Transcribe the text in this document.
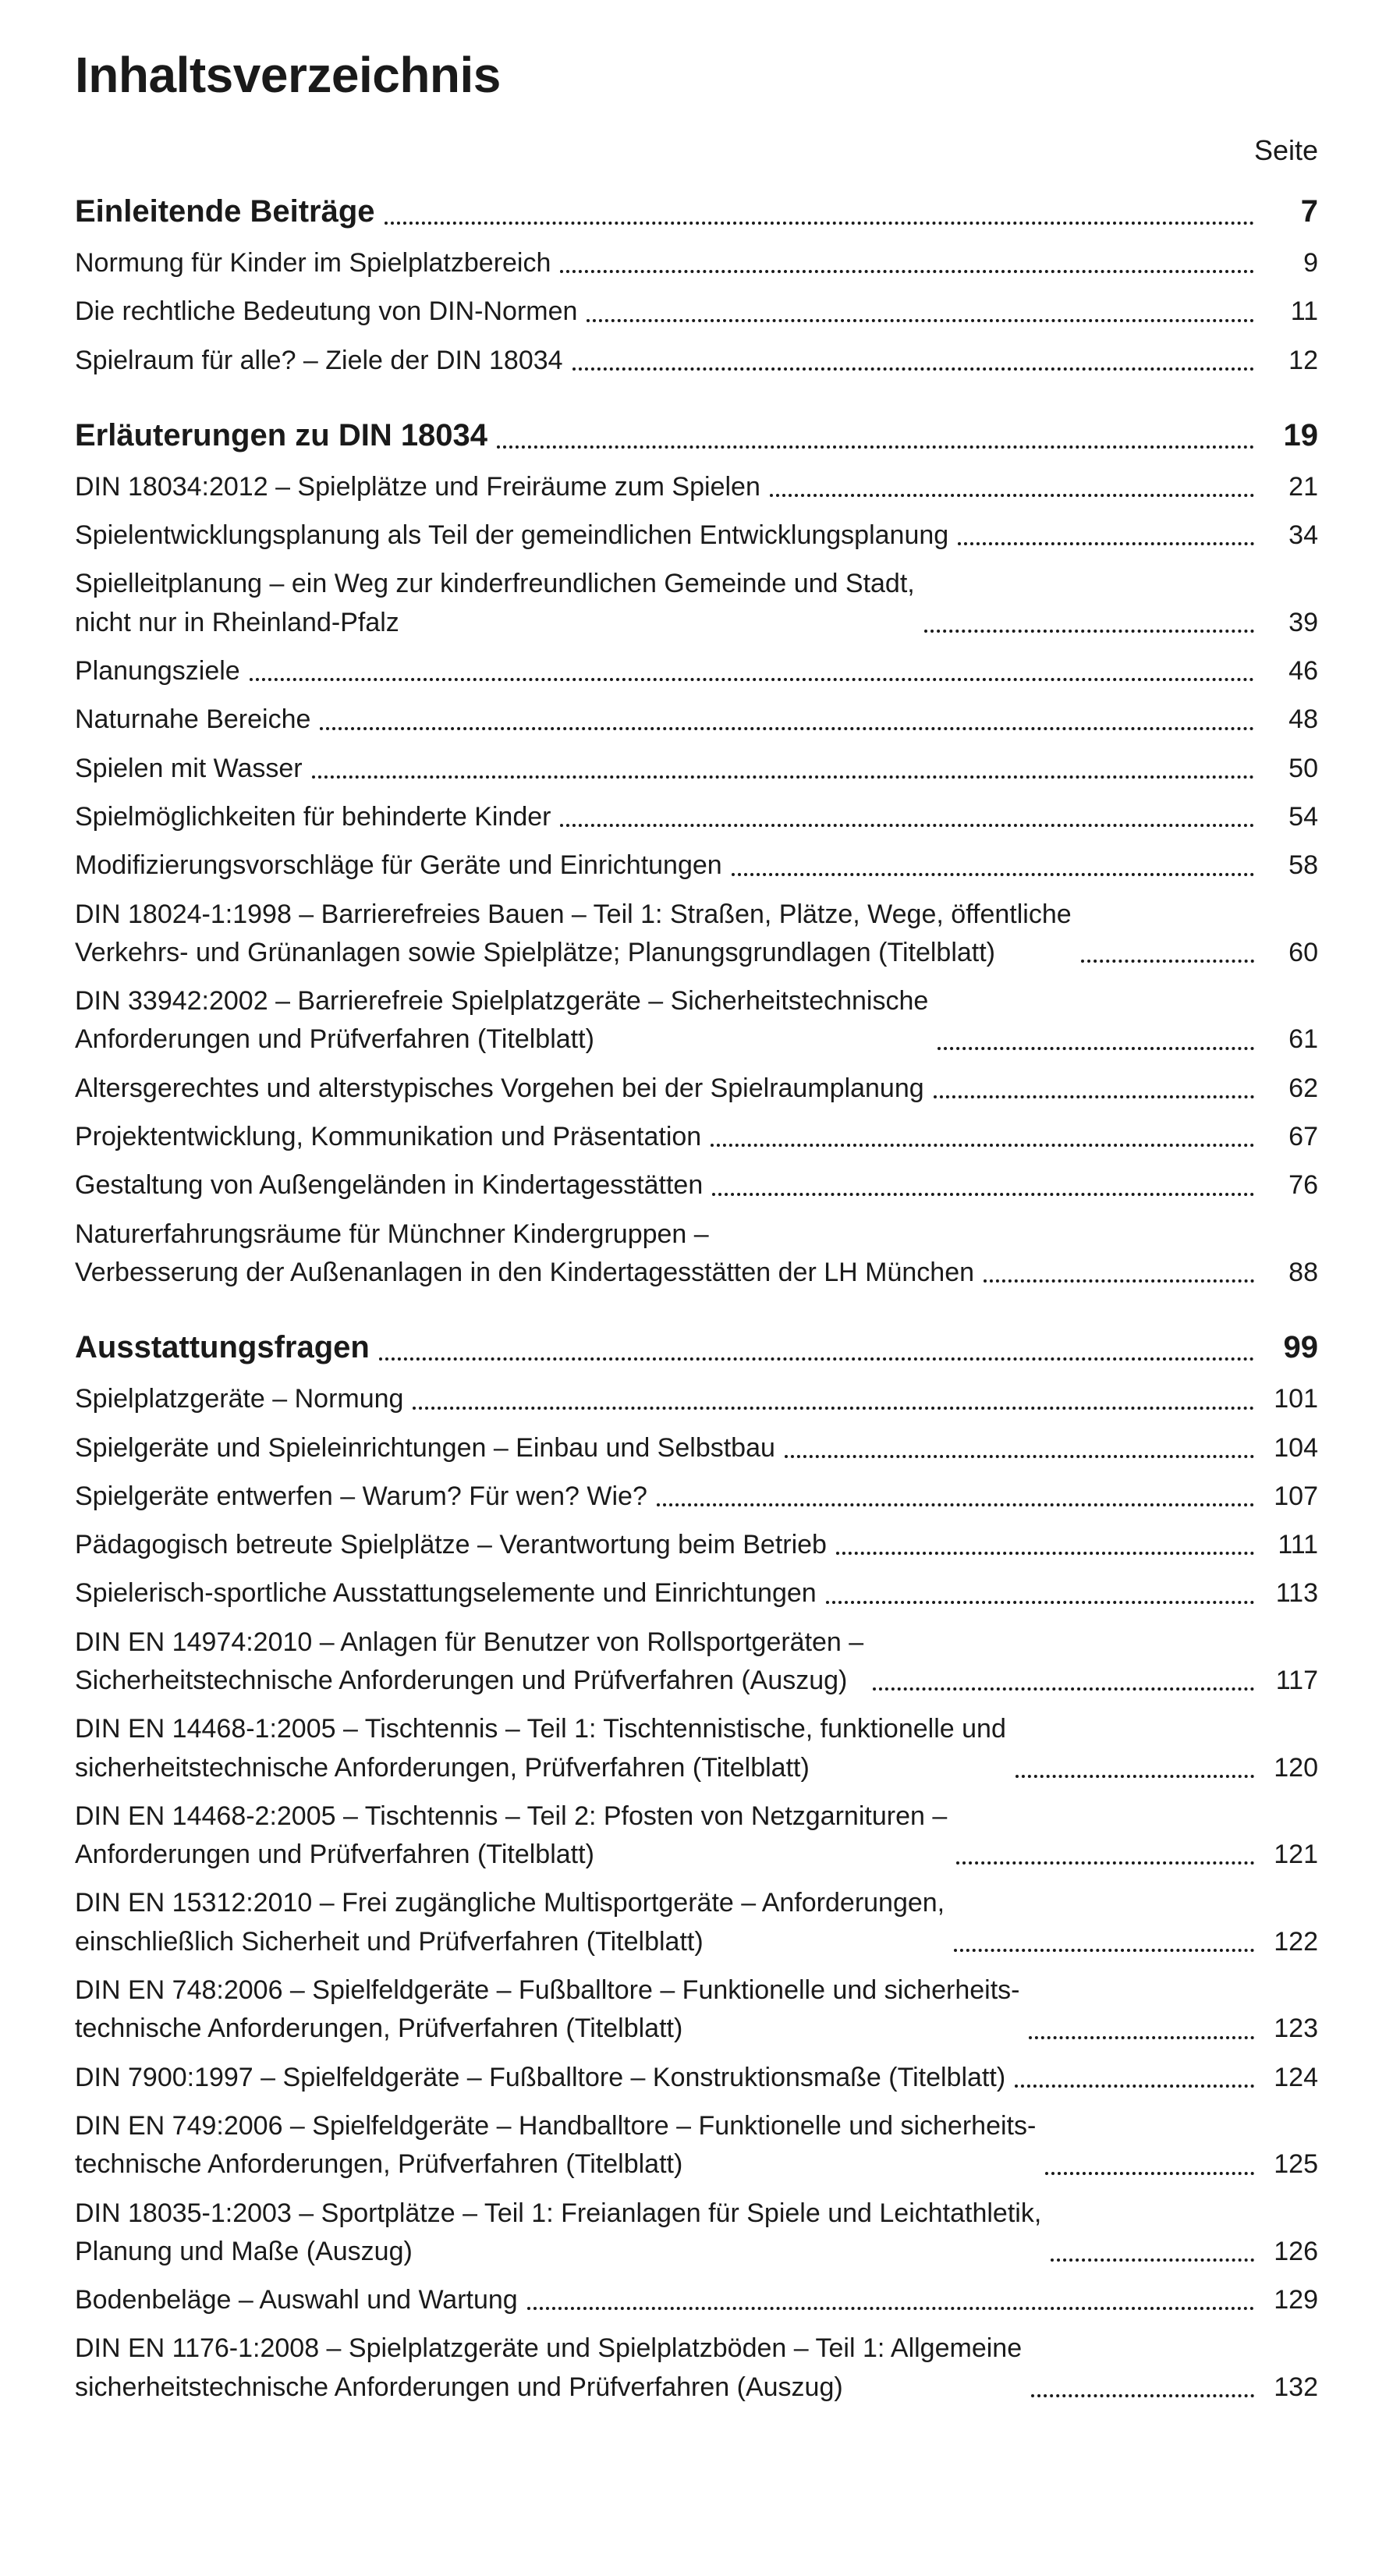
Inhaltsverzeichnis
Seite
Einleitende Beiträge	7
Normung für Kinder im Spielplatzbereich	9
Die rechtliche Bedeutung von DIN-Normen	11
Spielraum für alle? – Ziele der DIN 18034	12
Erläuterungen zu DIN 18034	19
DIN 18034:2012 – Spielplätze und Freiräume zum Spielen	21
Spielentwicklungsplanung als Teil der gemeindlichen Entwicklungsplanung	34
Spielleitplanung – ein Weg zur kinderfreundlichen Gemeinde und Stadt,
nicht nur in Rheinland-Pfalz	39
Planungsziele	46
Naturnahe Bereiche	48
Spielen mit Wasser	50
Spielmöglichkeiten für behinderte Kinder	54
Modifizierungsvorschläge für Geräte und Einrichtungen	58
DIN 18024-1:1998 – Barrierefreies Bauen – Teil 1: Straßen, Plätze, Wege, öffentliche
Verkehrs- und Grünanlagen sowie Spielplätze; Planungsgrundlagen (Titelblatt)	60
DIN 33942:2002 – Barrierefreie Spielplatzgeräte – Sicherheitstechnische
Anforderungen und Prüfverfahren (Titelblatt)	61
Altersgerechtes und alterstypisches Vorgehen bei der Spielraumplanung	62
Projektentwicklung, Kommunikation und Präsentation	67
Gestaltung von Außengeländen in Kindertagesstätten	76
Naturerfahrungsräume für Münchner Kindergruppen –
Verbesserung der Außenanlagen in den Kindertagesstätten der LH München	88
Ausstattungsfragen	99
Spielplatzgeräte – Normung	101
Spielgeräte und Spieleinrichtungen – Einbau und Selbstbau	104
Spielgeräte entwerfen – Warum? Für wen? Wie?	107
Pädagogisch betreute Spielplätze – Verantwortung beim Betrieb	111
Spielerisch-sportliche Ausstattungselemente und Einrichtungen	113
DIN EN 14974:2010 – Anlagen für Benutzer von Rollsportgeräten –
Sicherheitstechnische Anforderungen und Prüfverfahren (Auszug)	117
DIN EN 14468-1:2005 – Tischtennis – Teil 1: Tischtennistische, funktionelle und
sicherheitstechnische Anforderungen, Prüfverfahren (Titelblatt)	120
DIN EN 14468-2:2005 – Tischtennis – Teil 2: Pfosten von Netzgarnituren –
Anforderungen und Prüfverfahren (Titelblatt)	121
DIN EN 15312:2010 – Frei zugängliche Multisportgeräte – Anforderungen,
einschließlich Sicherheit und Prüfverfahren (Titelblatt)	122
DIN EN 748:2006 – Spielfeldgeräte – Fußballtore – Funktionelle und sicherheits-
technische Anforderungen, Prüfverfahren (Titelblatt)	123
DIN 7900:1997 – Spielfeldgeräte – Fußballtore – Konstruktionsmaße (Titelblatt)	124
DIN EN 749:2006 – Spielfeldgeräte – Handballtore – Funktionelle und sicherheits-
technische Anforderungen, Prüfverfahren (Titelblatt)	125
DIN 18035-1:2003 – Sportplätze – Teil 1: Freianlagen für Spiele und Leichtathletik,
Planung und Maße (Auszug)	126
Bodenbeläge – Auswahl und Wartung	129
DIN EN 1176-1:2008 – Spielplatzgeräte und Spielplatzböden – Teil 1: Allgemeine
sicherheitstechnische Anforderungen und Prüfverfahren (Auszug)	132
